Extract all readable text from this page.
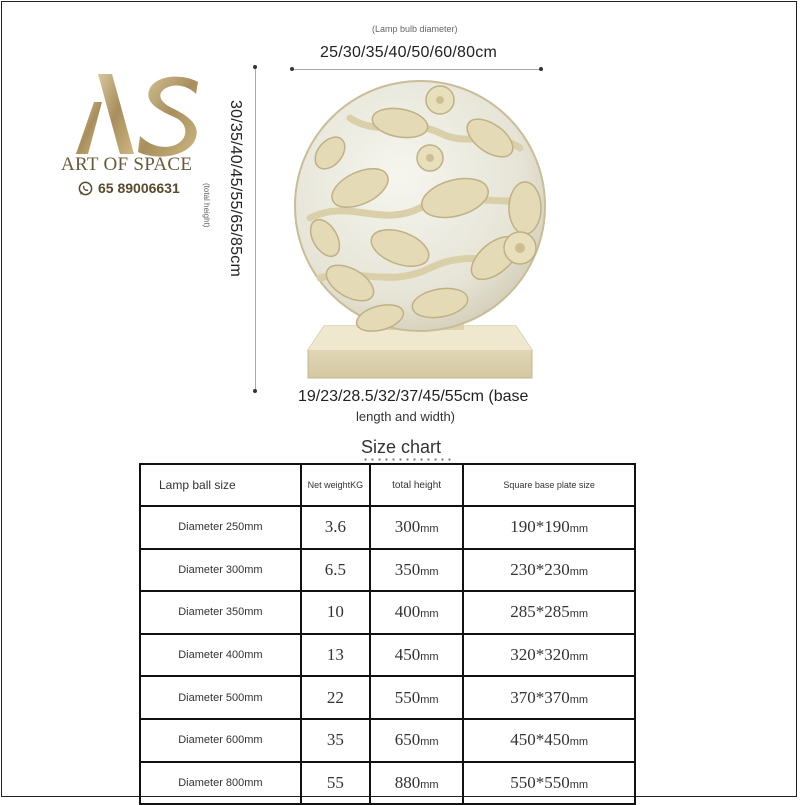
ART OF SPACE
65 89006631
(Lamp bulb diameter)
25/30/35/40/50/60/80cm
30/35/40/45/55/65/85cm
(total height)
19/23/28.5/32/37/45/55cm (base
length and width)
Size chart
Lamp ball size	Net weightKG	total height	Square base plate size
Diameter 250mm	3.6	300mm	190*190mm
Diameter 300mm	6.5	350mm	230*230mm
Diameter 350mm	10	400mm	285*285mm
Diameter 400mm	13	450mm	320*320mm
Diameter 500mm	22	550mm	370*370mm
Diameter 600mm	35	650mm	450*450mm
Diameter 800mm	55	880mm	550*550mm
